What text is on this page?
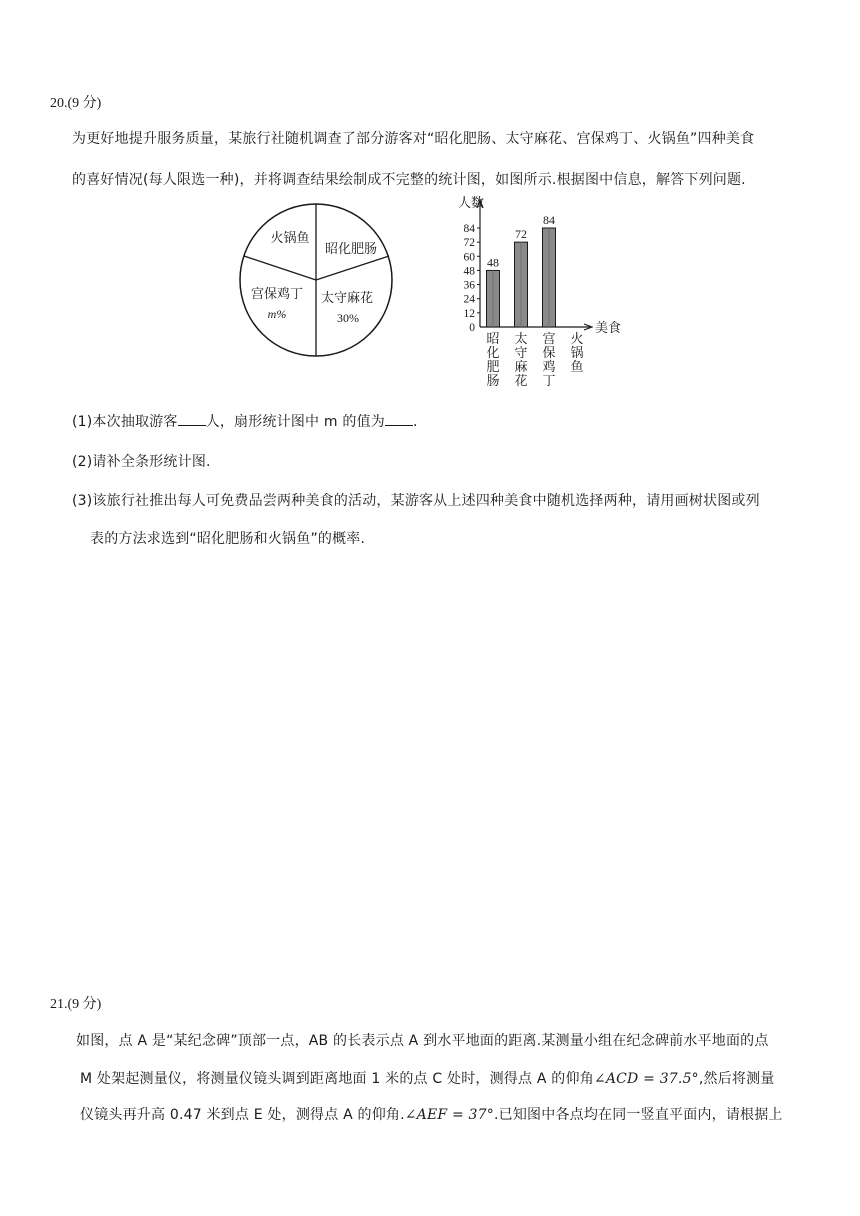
20.(9 分)
为更好地提升服务质量，某旅行社随机调查了部分游客对“昭化肥肠、太守麻花、宫保鸡丁、火锅鱼”四种美食
的喜好情况(每人限选一种)，并将调查结果绘制成不完整的统计图，如图所示.根据图中信息，解答下列问题.
火锅鱼
昭化肥肠
太守麻花
30%
宫保鸡丁
m%
人数
美食
0
12
24
36
48
60
72
84
48
昭
化
肥
肠
72
太
守
麻
花
84
宫
保
鸡
丁
火
锅
鱼
(1)本次抽取游客 人，扇形统计图中 m 的值为 .
(2)请补全条形统计图.
(3)该旅行社推出每人可免费品尝两种美食的活动，某游客从上述四种美食中随机选择两种，请用画树状图或列
表的方法求选到“昭化肥肠和火锅鱼”的概率.
21.(9 分)
如图，点 A 是“某纪念碑”顶部一点，AB 的长表示点 A 到水平地面的距离.某测量小组在纪念碑前水平地面的点
M 处架起测量仪，将测量仪镜头调到距离地面 1 米的点 C 处时，测得点 A 的仰角∠ACD = 37.5°,然后将测量
仪镜头再升高 0.47 米到点 E 处，测得点 A 的仰角.∠AEF = 37°.已知图中各点均在同一竖直平面内，请根据上
